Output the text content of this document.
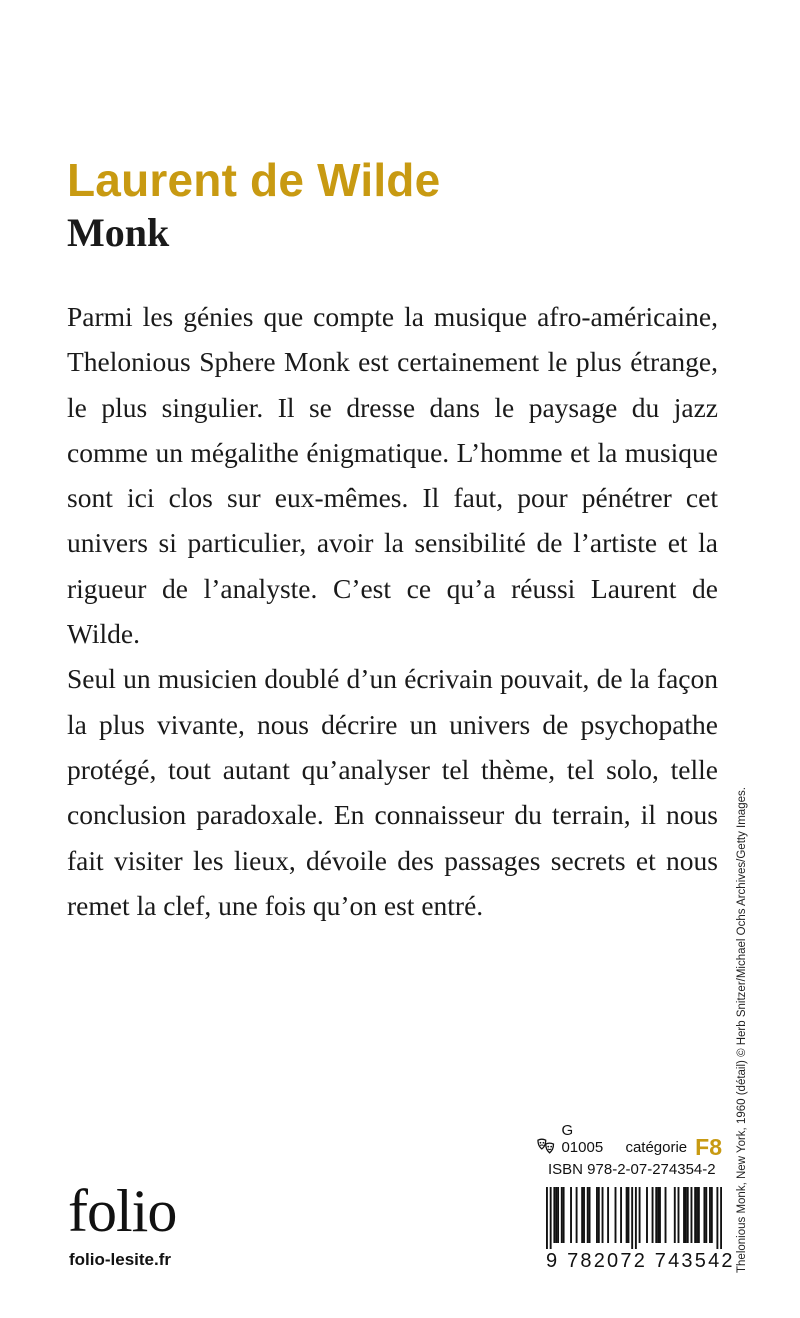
Laurent de Wilde
Monk

Parmi les génies que compte la musique afro-américaine, Thelonious Sphere Monk est certainement le plus étrange, le plus singulier. Il se dresse dans le paysage du jazz comme un mégalithe énigmatique. L’homme et la musique sont ici clos sur eux-mêmes. Il faut, pour pénétrer cet univers si particulier, avoir la sensibilité de l’artiste et la rigueur de l’analyste. C’est ce qu’a réussi Laurent de Wilde.

Seul un musicien doublé d’un écrivain pouvait, de la façon la plus vivante, nous décrire un univers de psychopathe protégé, tout autant qu’analyser tel thème, tel solo, telle conclusion paradoxale. En connaisseur du terrain, il nous fait visiter les lieux, dévoile des passages secrets et nous remet la clef, une fois qu’on est entré.	Thelonious Monk, New York, 1960 (détail) © Herb Snitzer/Michael Ochs Archives/Getty Images.
folio
folio-lesite.fr
G 01005	catégorie F8
ISBN 978-2-07-274354-2
9 782072 743542
